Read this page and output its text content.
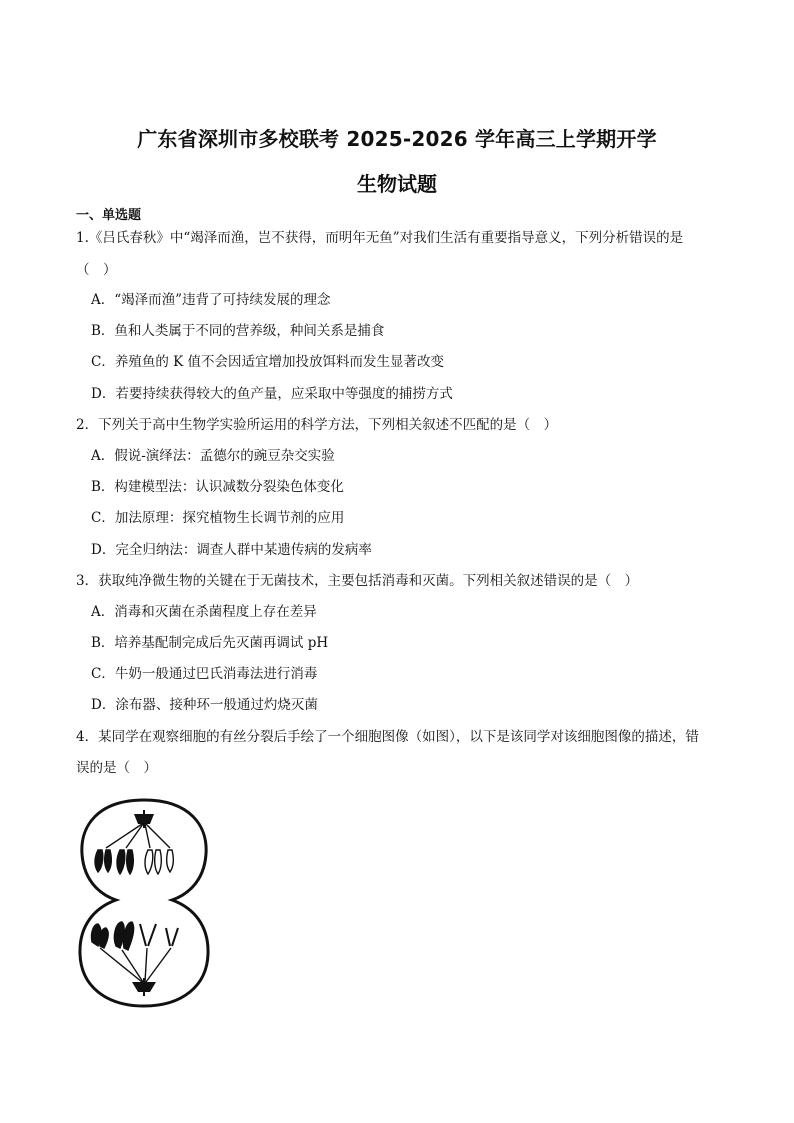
广东省深圳市多校联考 2025-2026 学年高三上学期开学
生物试题
一、单选题
1.《吕氏春秋》中“竭泽而渔，岂不获得，而明年无鱼”对我们生活有重要指导意义，下列分析错误的是
（　）
A．“竭泽而渔”违背了可持续发展的理念
B．鱼和人类属于不同的营养级，种间关系是捕食
C．养殖鱼的 K 值不会因适宜增加投放饵料而发生显著改变
D．若要持续获得较大的鱼产量，应采取中等强度的捕捞方式
2．下列关于高中生物学实验所运用的科学方法，下列相关叙述不匹配的是（　）
A．假说-演绎法：孟德尔的豌豆杂交实验
B．构建模型法：认识减数分裂染色体变化
C．加法原理：探究植物生长调节剂的应用
D．完全归纳法：调查人群中某遗传病的发病率
3．获取纯净微生物的关键在于无菌技术，主要包括消毒和灭菌。下列相关叙述错误的是（　）
A．消毒和灭菌在杀菌程度上存在差异
B．培养基配制完成后先灭菌再调试 pH
C．牛奶一般通过巴氏消毒法进行消毒
D．涂布器、接种环一般通过灼烧灭菌
4．某同学在观察细胞的有丝分裂后手绘了一个细胞图像（如图），以下是该同学对该细胞图像的描述，错
误的是（　）
